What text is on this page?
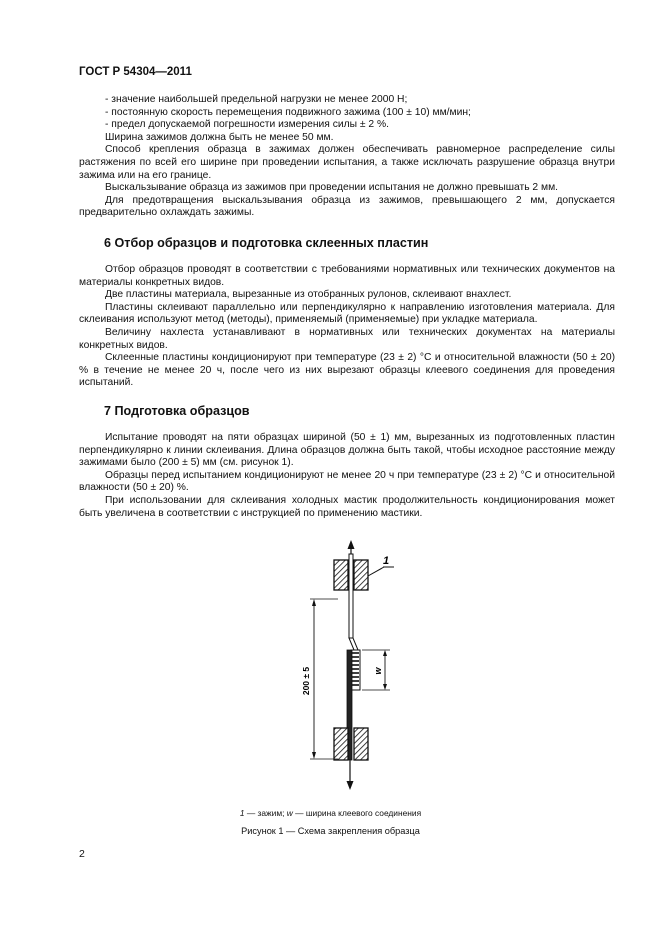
ГОСТ Р 54304—2011

- значение наибольшей предельной нагрузки не менее 2000 Н;

- постоянную скорость перемещения подвижного зажима (100 ± 10) мм/мин;

- предел допускаемой погрешности измерения силы ± 2 %.

Ширина зажимов должна быть не менее 50 мм.

Способ крепления образца в зажимах должен обеспечивать равномерное распределение силы растяжения по всей его ширине при проведении испытания, а также исключать разрушение образца внутри зажима или на его границе.

Выскальзывание образца из зажимов при проведении испытания не должно превышать 2 мм.

Для предотвращения выскальзывания образца из зажимов, превышающего 2 мм, допускается предварительно охлаждать зажимы.

6 Отбор образцов и подготовка склеенных пластин

Отбор образцов проводят в соответствии с требованиями нормативных или технических документов на материалы конкретных видов.

Две пластины материала, вырезанные из отобранных рулонов, склеивают внахлест.

Пластины склеивают параллельно или перпендикулярно к направлению изготовления материала. Для склеивания используют метод (методы), применяемый (применяемые) при укладке материала.

Величину нахлеста устанавливают в нормативных или технических документах на материалы конкретных видов.

Склеенные пластины кондиционируют при температуре (23 ± 2) °С и относительной влажности (50 ± 20) % в течение не менее 20 ч, после чего из них вырезают образцы клеевого соединения для проведения испытаний.

7 Подготовка образцов

Испытание проводят на пяти образцах шириной (50 ± 1) мм, вырезанных из подготовленных пластин перпендикулярно к линии склеивания. Длина образцов должна быть такой, чтобы исходное расстояние между зажимами было (200 ± 5) мм (см. рисунок 1).

Образцы перед испытанием кондиционируют не менее 20 ч при температуре (23 ± 2) °С и относительной влажности (50 ± 20) %.

При использовании для склеивания холодных мастик продолжительность кондиционирования может быть увеличена в соответствии с инструкцией по применению мастики.

1
200 ± 5	w
1 — зажим; w — ширина клеевого соединения
Рисунок 1 — Схема закрепления образца
2
